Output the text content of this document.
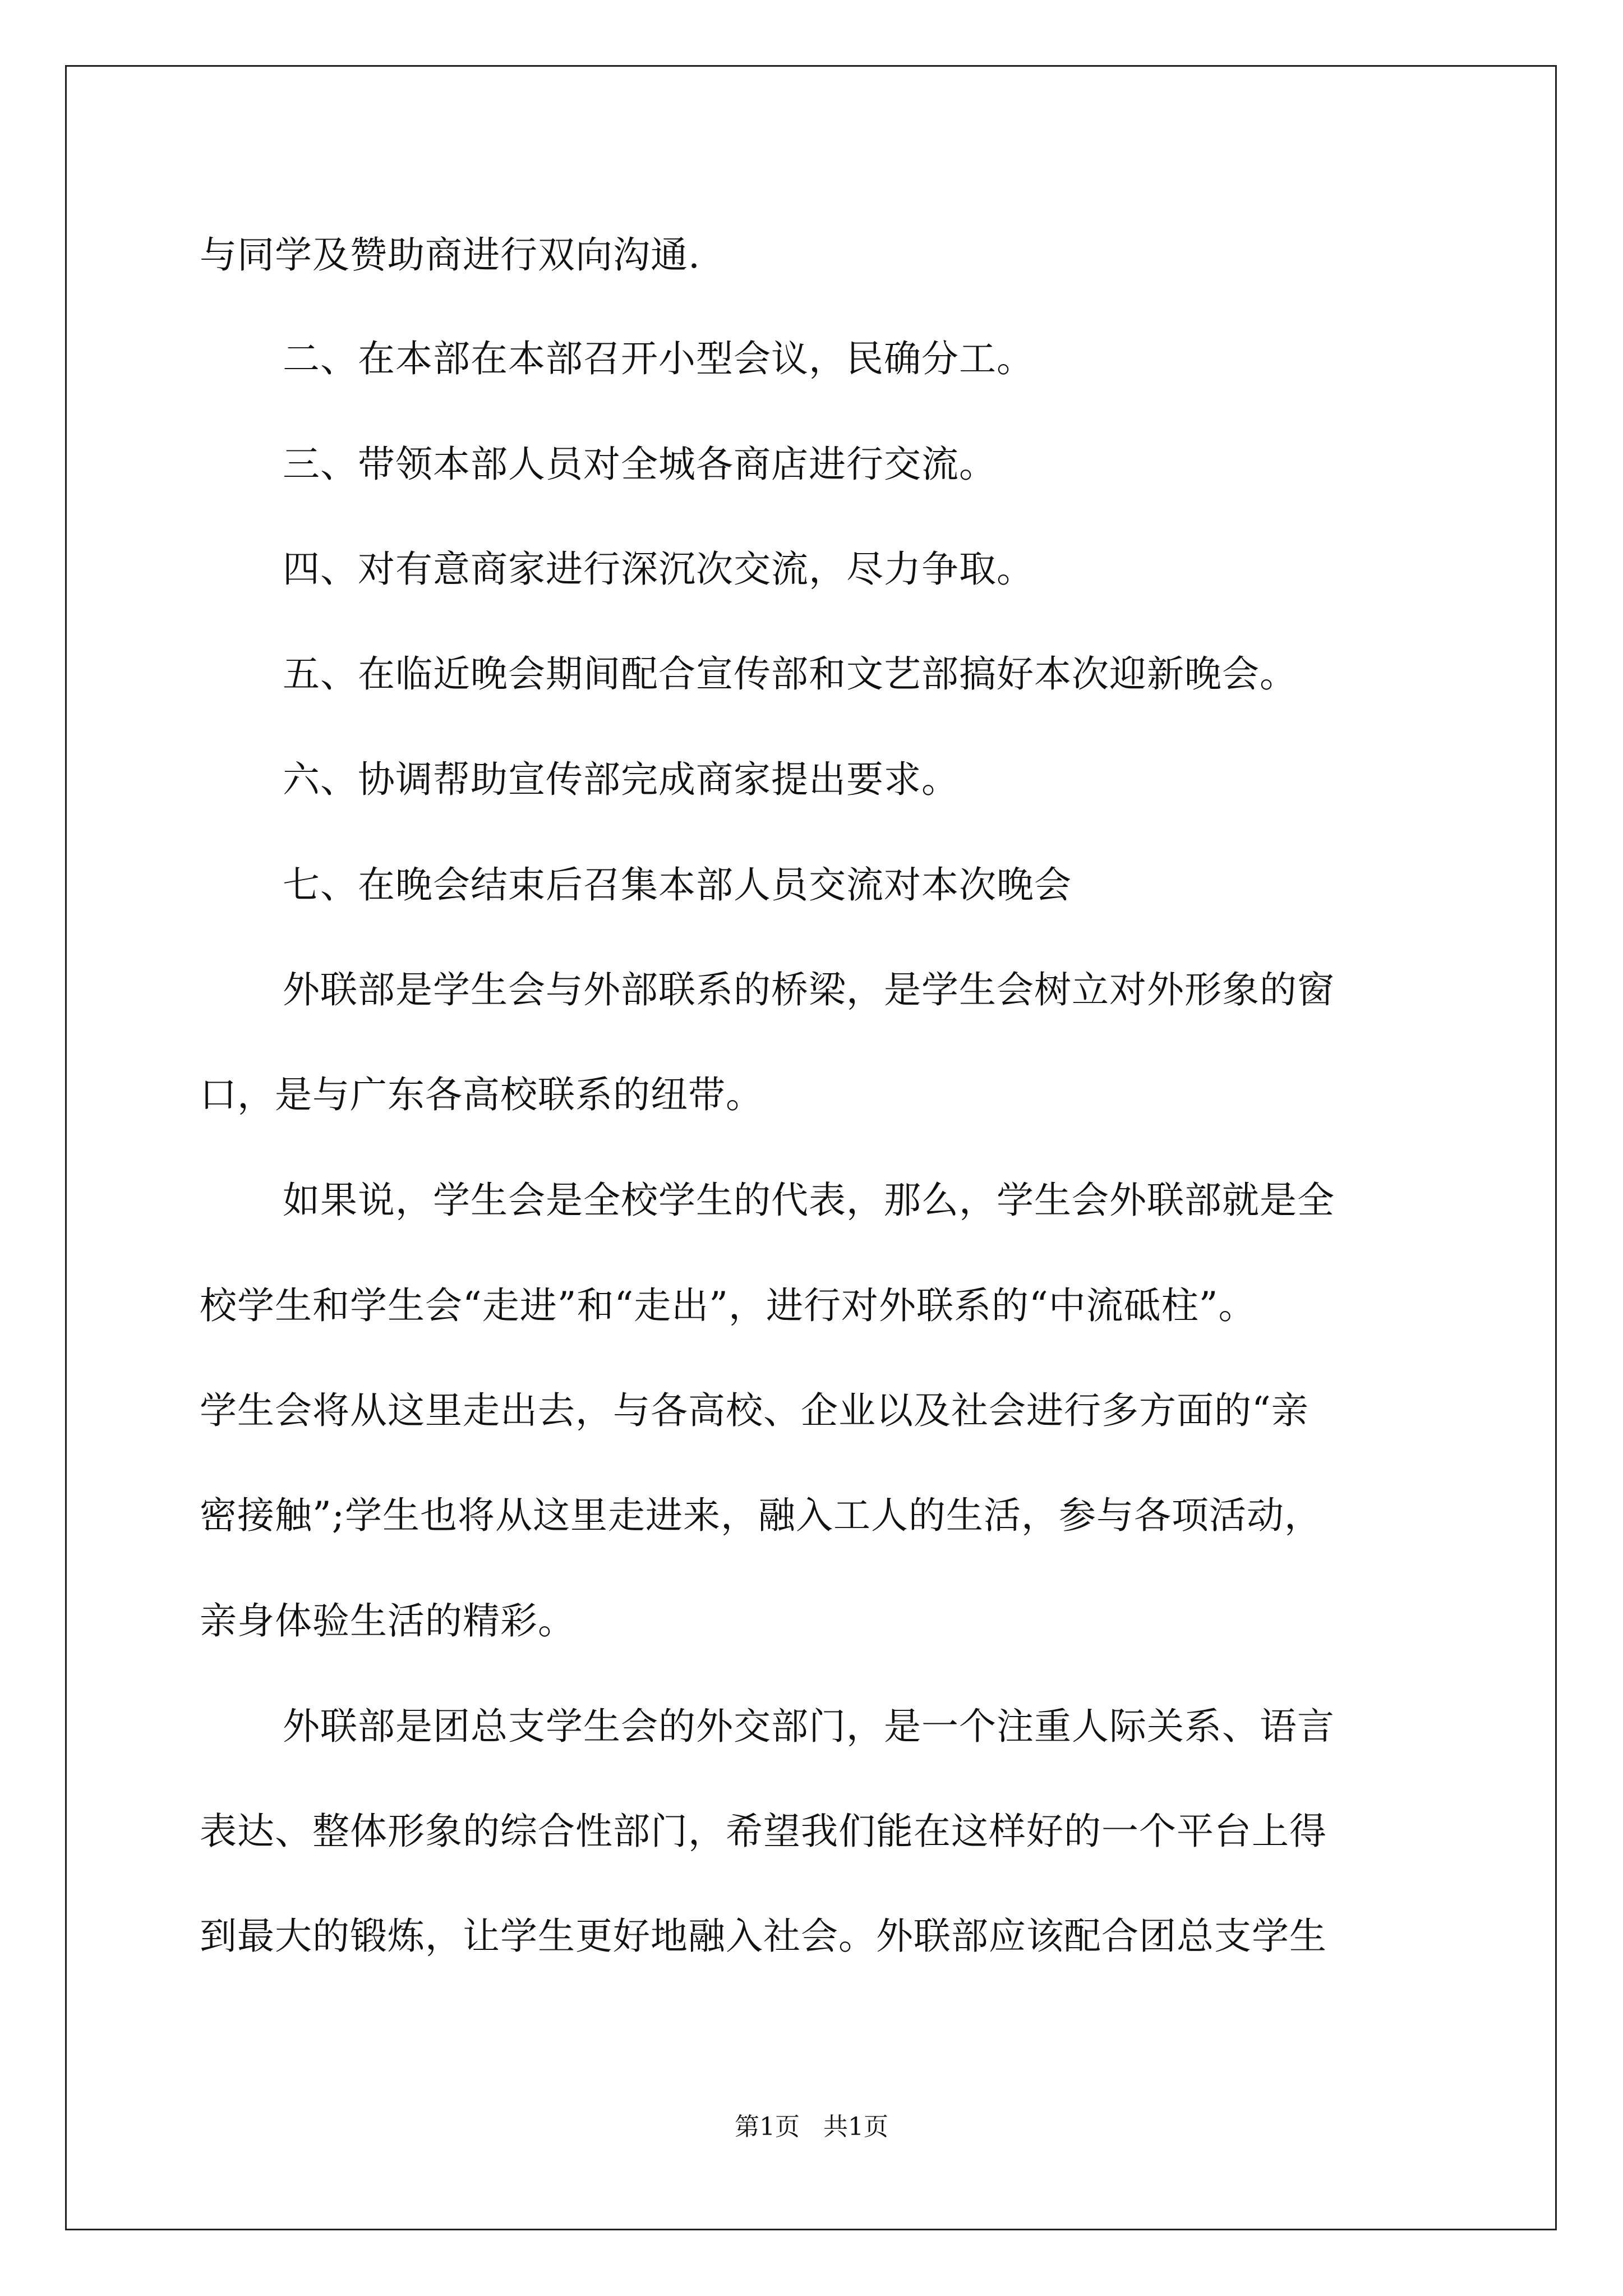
与同学及赞助商进行双向沟通.
二、在本部在本部召开小型会议，民确分工。
三、带领本部人员对全城各商店进行交流。
四、对有意商家进行深沉次交流，尽力争取。
五、在临近晚会期间配合宣传部和文艺部搞好本次迎新晚会。
六、协调帮助宣传部完成商家提出要求。
七、在晚会结束后召集本部人员交流对本次晚会
外联部是学生会与外部联系的桥梁，是学生会树立对外形象的窗
口，是与广东各高校联系的纽带。
如果说，学生会是全校学生的代表，那么，学生会外联部就是全
校学生和学生会“走进”和“走出”，进行对外联系的“中流砥柱”。
学生会将从这里走出去，与各高校、企业以及社会进行多方面的“亲
密接触”;学生也将从这里走进来，融入工人的生活，参与各项活动，
亲身体验生活的精彩。
外联部是团总支学生会的外交部门，是一个注重人际关系、语言
表达、整体形象的综合性部门，希望我们能在这样好的一个平台上得
到最大的锻炼，让学生更好地融入社会。外联部应该配合团总支学生
第1页   共1页
